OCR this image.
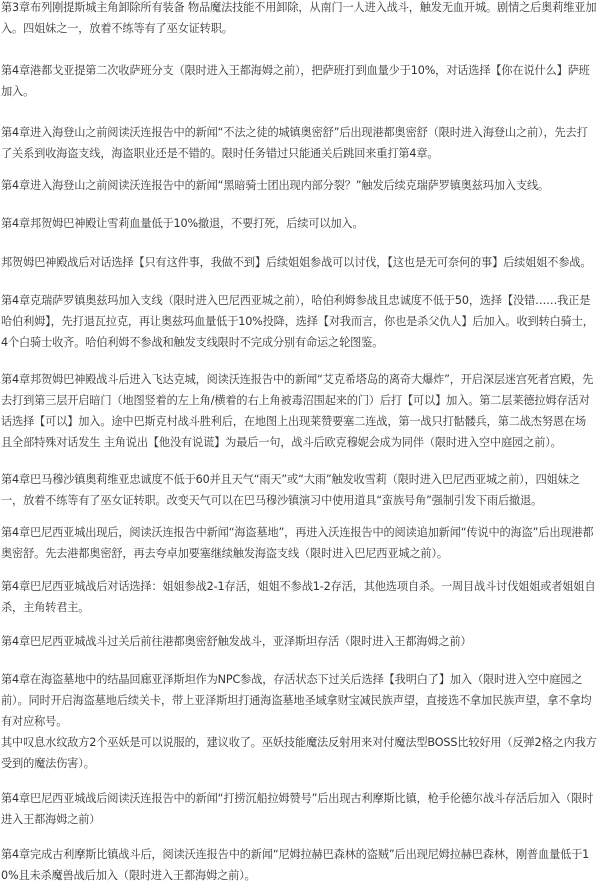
第3章布列刚提斯城主角卸除所有装备 物品魔法技能不用卸除，从南门一人进入战斗，触发无血开城。剧情之后奥莉维亚加入。四姐妹之一，放着不练等有了巫女证转职。

第4章港都戈亚提第二次收萨班分支（限时进入王都海姆之前），把萨班打到血量少于10%，对话选择【你在说什么】萨班加入。

第4章进入海登山之前阅读沃连报告中的新闻“不法之徒的城镇奥密舒”后出现港都奥密舒（限时进入海登山之前），先去打了关系到收海盗支线，海盗职业还是不错的。限时任务错过只能通关后跳回来重打第4章。

第4章进入海登山之前阅读沃连报告中的新闻“黑暗骑士团出现内部分裂？”触发后续克瑞萨罗镇奥兹玛加入支线。

第4章邦贺姆巴神殿让雪莉血量低于10%撤退，不要打死，后续可以加入。

邦贺姆巴神殿战后对话选择【只有这件事，我做不到】后续姐姐参战可以讨伐，【这也是无可奈何的事】后续姐姐不参战。

第4章克瑞萨罗镇奥兹玛加入支线（限时进入巴尼西亚城之前），哈伯利姆参战且忠诚度不低于50，选择【没错……我正是哈伯利姆】，先打退瓦拉克，再让奥兹玛血量低于10%投降，选择【对我而言，你也是杀父仇人】后加入。收到转白骑士，4个白骑士收齐。哈伯利姆不参战和触发支线限时不完成分别有命运之轮图鉴。

第4章邦贺姆巴神殿战斗后进入飞达克城，阅读沃连报告中的新闻“艾克希塔岛的离奇大爆炸”，开启深层迷宫死者宫殿，先去打到第三层开启暗门（地图竖着的左上角/横着的右上角被毒沼围起来的门）后打【可以】加入。第二层莱德拉姆存活对话选择【可以】加入。途中巴斯克村战斗胜利后，在地图上出现莱赞要塞二连战，第一战只打骷髅兵，第二战杰努恩在场且全部特殊对话发生 主角说出【他没有说谎】为最后一句，战斗后欧克穆妮会成为同伴（限时进入空中庭园之前）。

第4章巴马穆沙镇奥莉维亚忠诚度不低于60并且天气“雨天”或“大雨”触发收雪莉（限时进入巴尼西亚城之前），四姐妹之一，放着不练等有了巫女证转职。改变天气可以在巴马穆沙镇演习中使用道具“蛮族号角”强制引发下雨后撤退。

第4章巴尼西亚城出现后，阅读沃连报告中新闻“海盗墓地”，再进入沃连报告中的阅读追加新闻“传说中的海盗”后出现港都奥密舒。先去港都奥密舒，再去夸卓加要塞继续触发海盗支线（限时进入巴尼西亚城之前）。

第4章巴尼西亚城战后对话选择：姐姐参战2-1存活，姐姐不参战1-2存活，其他选项自杀。一周目战斗讨伐姐姐或者姐姐自杀，主角转君主。

第4章巴尼西亚城战斗过关后前往港都奥密舒触发战斗，亚泽斯坦存活（限时进入王都海姆之前）

第4章在海盗墓地中的结晶回廊亚泽斯坦作为NPC参战，存活状态下过关后选择【我明白了】加入（限时进入空中庭园之前）。同时开启海盗墓地后续关卡，带上亚泽斯坦打通海盗墓地圣域拿财宝减民族声望，直接选不拿加民族声望，拿不拿均有对应称号。

其中叹息水纹敌方2个巫妖是可以说服的，建议收了。巫妖技能魔法反射用来对付魔法型BOSS比较好用（反弹2格之内我方受到的魔法伤害）。

第4章巴尼西亚城战后阅读沃连报告中的新闻“打捞沉船拉姆赞号”后出现古利摩斯比镇，枪手伦德尔战斗存活后加入（限时进入王都海姆之前）

第4章完成古利摩斯比镇战斗后，阅读沃连报告中的新闻“尼姆拉赫巴森林的盗贼”后出现尼姆拉赫巴森林，刚普血量低于10%且未杀魔兽战后加入（限时进入王都海姆之前）。
